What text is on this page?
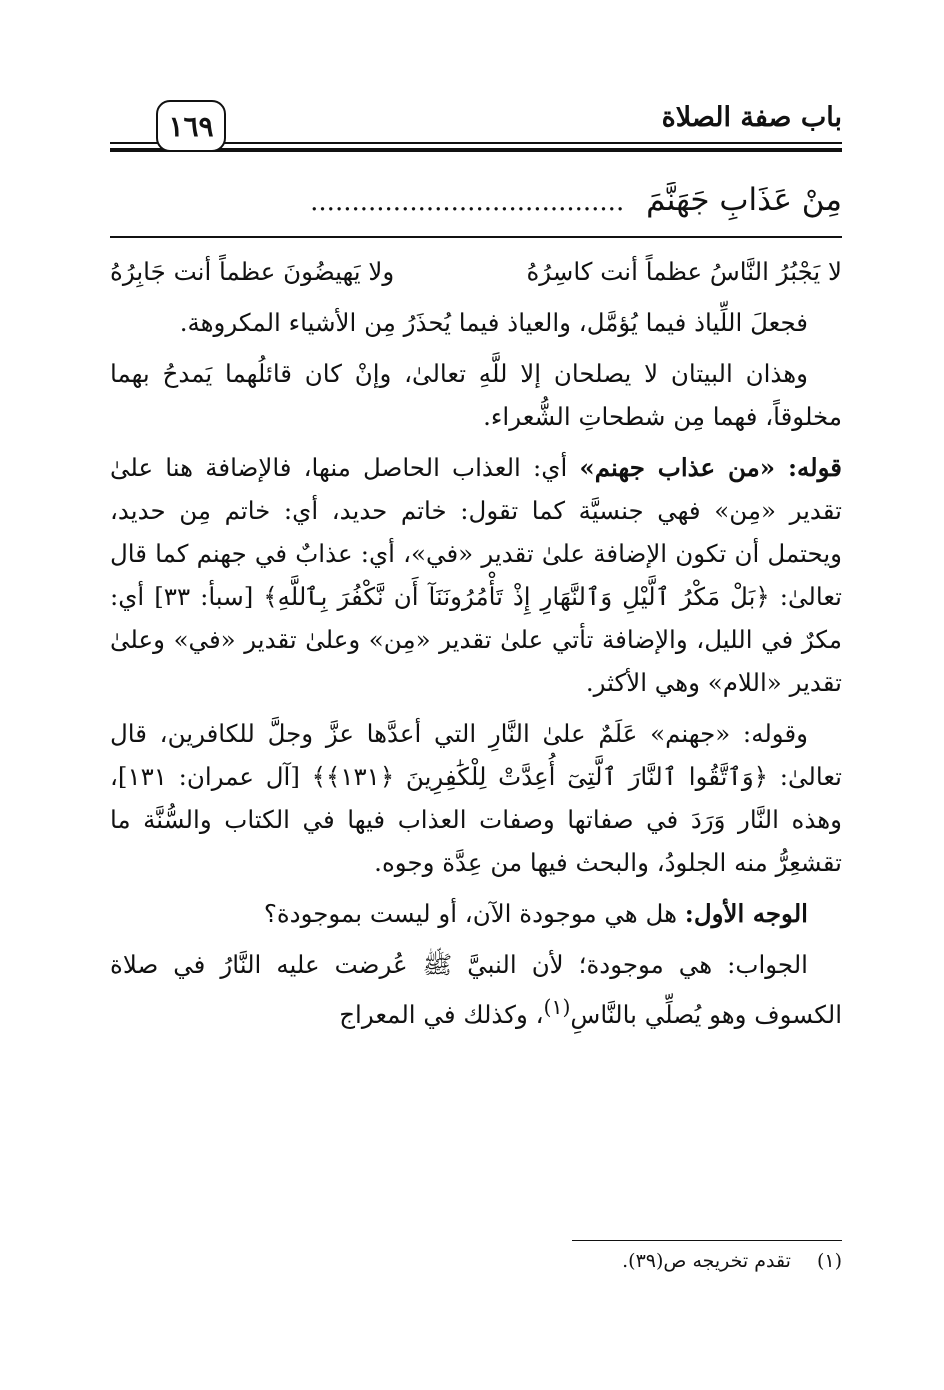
باب صفة الصلاة
١٦٩
مِنْ عَذَابِ جَهَنَّمَ ......................................
لا يَجْبُرُ النَّاسُ عظماً أنت كاسِرُهُ
ولا يَهيضُونَ عظماً أنت جَابِرُهُ

فجعلَ اللِّياذ فيما يُؤمَّل، والعياذ فيما يُحذَرُ مِن الأشياء المكروهة.

وهذان البيتان لا يصلحان إلا للَّهِ تعالىٰ، وإنْ كان قائلُهما يَمدحُ بهما مخلوقاً، فهما مِن شطحاتِ الشُّعراء.

قوله: «من عذاب جهنم» أي: العذاب الحاصل منها، فالإضافة هنا علىٰ تقدير «مِن» فهي جنسيَّة كما تقول: خاتم حديد، أي: خاتم مِن حديد، ويحتمل أن تكون الإضافة علىٰ تقدير «في»، أي: عذابٌ في جهنم كما قال تعالىٰ: ﴿بَلْ مَكْرُ ٱلَّيْلِ وَٱلنَّهَارِ إِذْ تَأْمُرُونَنَآ أَن نَّكْفُرَ بِٱللَّهِ﴾ [سبأ: ٣٣] أي: مكرٌ في الليل، والإضافة تأتي علىٰ تقدير «مِن» وعلىٰ تقدير «في» وعلىٰ تقدير «اللام» وهي الأكثر.

وقوله: «جهنم» عَلَمٌ علىٰ النَّارِ التي أعدَّها عزَّ وجلَّ للكافرين، قال تعالىٰ: ﴿وَٱتَّقُوا ٱلنَّارَ ٱلَّتِىٓ أُعِدَّتْ لِلْكَٰفِرِينَ ﴿١٣١﴾﴾ [آل عمران: ١٣١]، وهذه النَّار وَرَدَ في صفاتها وصفات العذاب فيها في الكتاب والسُّنَّة ما تقشعِرُّ منه الجلودُ، والبحث فيها من عِدَّة وجوه.

الوجه الأول: هل هي موجودة الآن، أو ليست بموجودة؟

الجواب: هي موجودة؛ لأن النبيَّ ﷺ عُرضت عليه النَّارُ في صلاة الكسوف وهو يُصلِّي بالنَّاسِ$^{(١)}$، وكذلك في المعراج

(١) تقدم تخريجه ص(٣٩).
